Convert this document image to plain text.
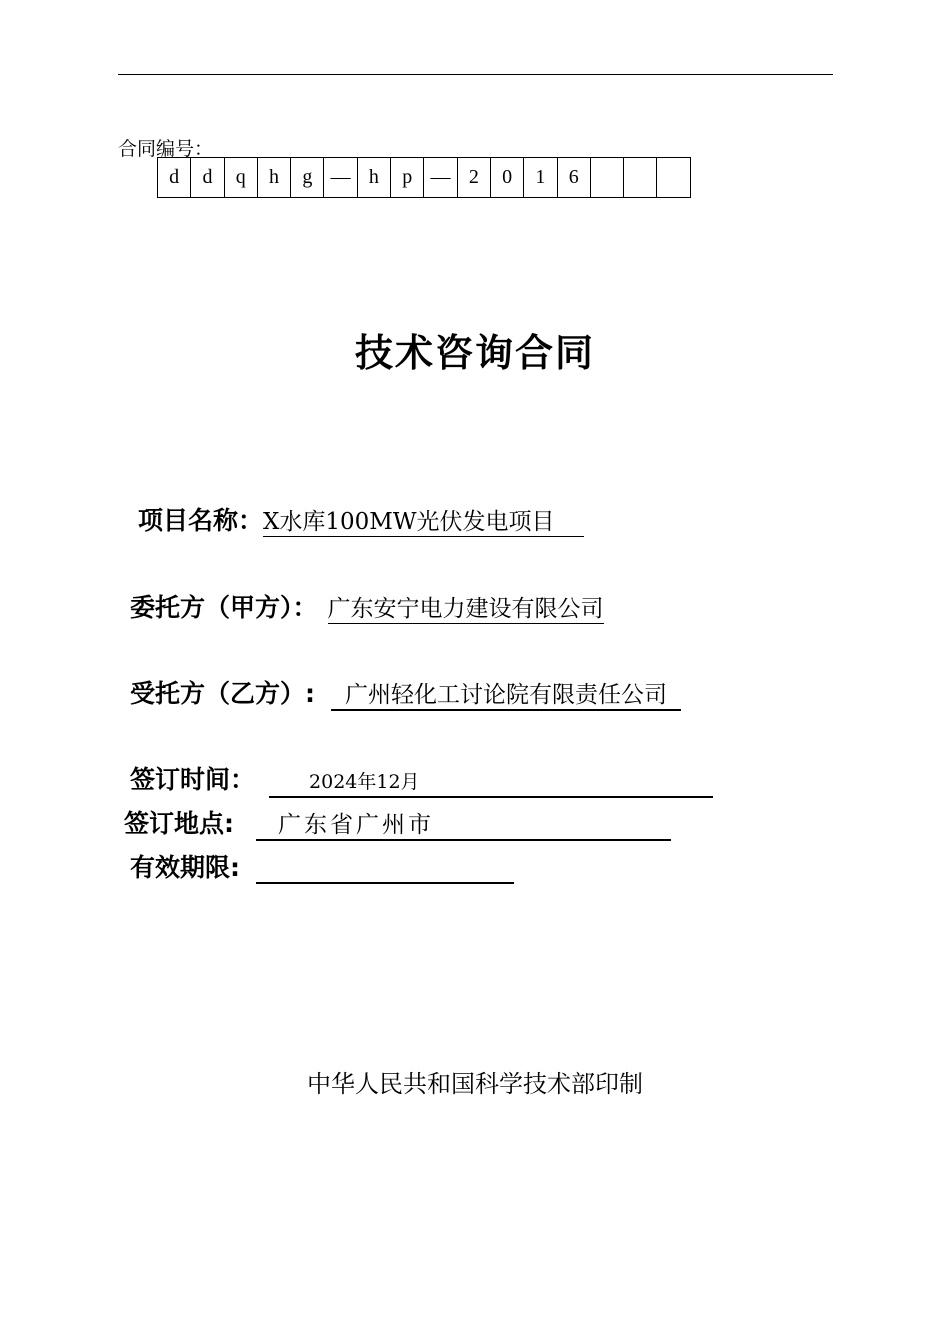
合同编号：
d	d	q	h	g	—	h	p	—	2	0	1	6			
技术咨询合同
项目名称：X水库100MW光伏发电项目
委托方（甲方）： 广东安宁电力建设有限公司
受托方（乙方）: 广州轻化工讨论院有限责任公司
签订时间：	2024年12月
签订地点: 广东省广州市
有效期限:
中华人民共和国科学技术部印制
